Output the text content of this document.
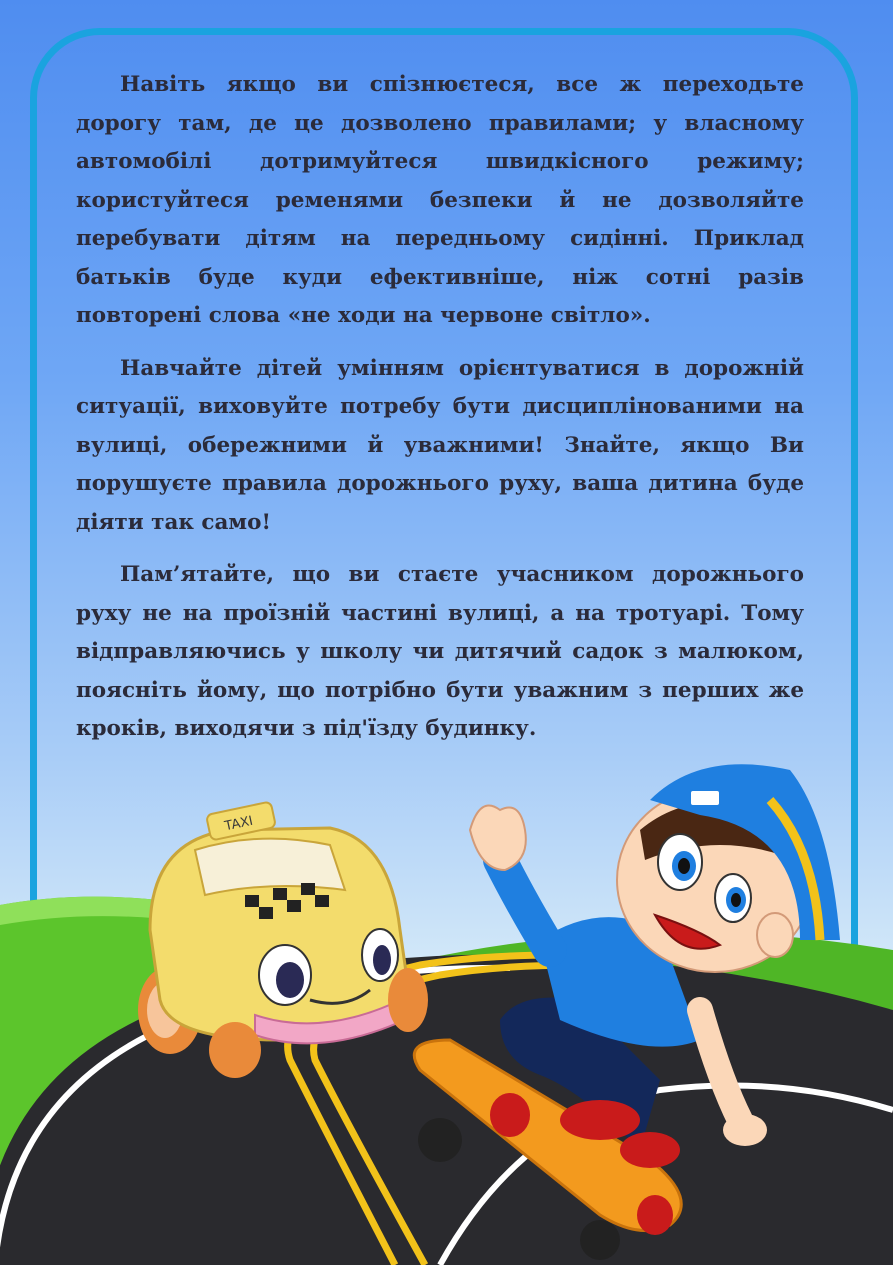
Навіть якщо ви спізнюєтеся, все ж переходьте дорогу там, де це дозволено правилами; у власному автомобілі дотримуйтеся швидкісного режиму; користуйтеся ременями безпеки й не дозволяйте перебувати дітям на передньому сидінні. Приклад батьків буде куди ефективніше, ніж сотні разів повторені слова «не ходи на червоне світло».

Навчайте дітей умінням орієнтуватися в дорожній ситуації, виховуйте потребу бути дисциплінованими на вулиці, обережними й уважними! Знайте, якщо Ви порушуєте правила дорожнього руху, ваша дитина буде діяти так само!

Пам’ятайте, що ви стаєте учасником дорожнього руху не на проїзній частині вулиці, а на тротуарі. Тому відправляючись у школу чи дитячий садок з малюком, поясніть йому, що потрібно бути уважним з перших же кроків, виходячи з під'їзду будинку.

TAXI
